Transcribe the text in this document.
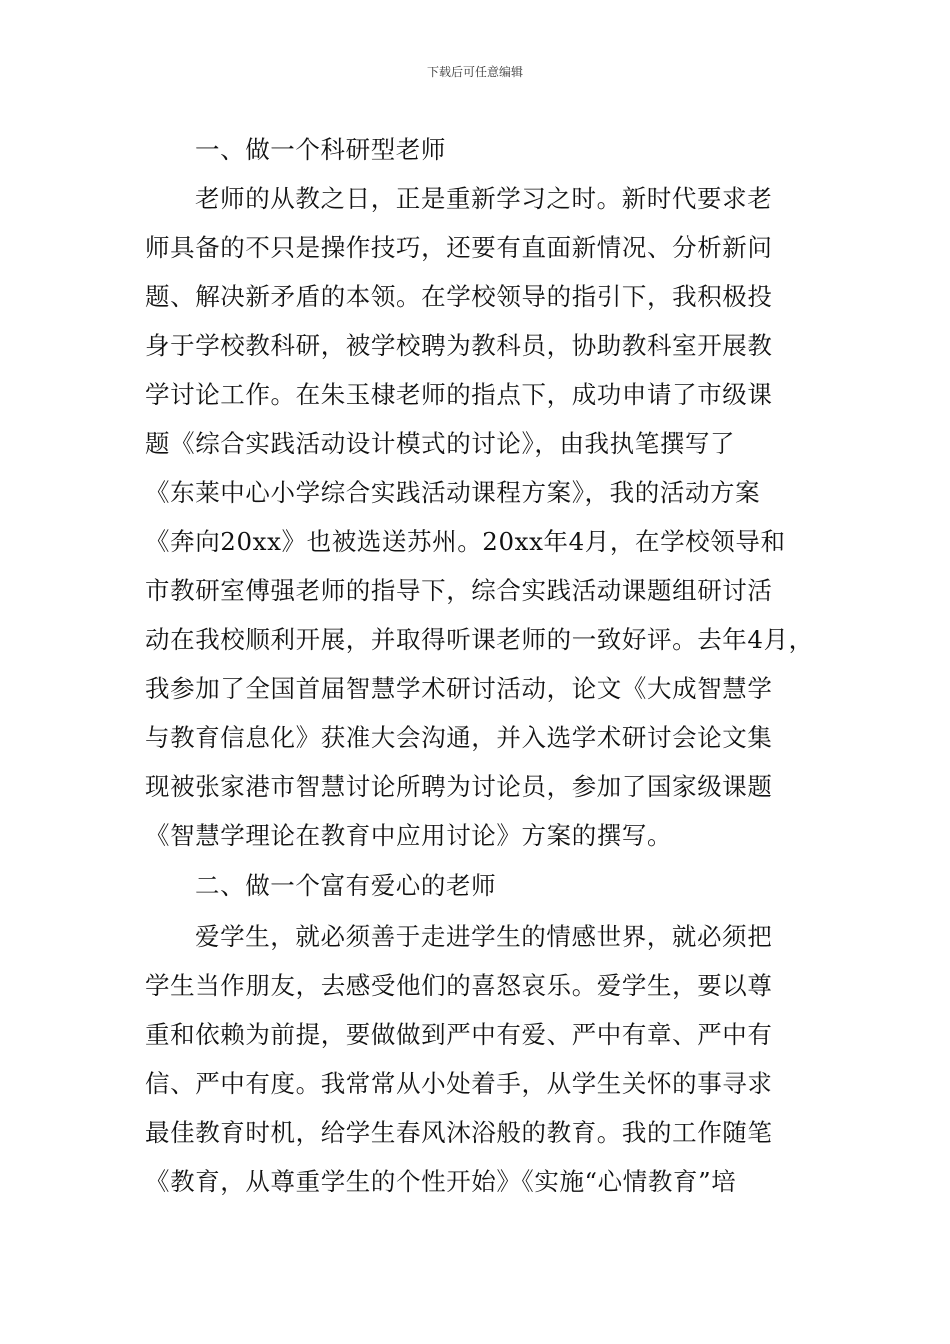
下载后可任意编辑
一、做一个科研型老师
老师的从教之日，正是重新学习之时。新时代要求老
师具备的不只是操作技巧，还要有直面新情况、分析新问
题、解决新矛盾的本领。在学校领导的指引下，我积极投
身于学校教科研，被学校聘为教科员，协助教科室开展教
学讨论工作。在朱玉棣老师的指点下，成功申请了市级课
题《综合实践活动设计模式的讨论》，由我执笔撰写了
《东莱中心小学综合实践活动课程方案》，我的活动方案
《奔向20xx》也被选送苏州。20xx年4月，在学校领导和
市教研室傅强老师的指导下，综合实践活动课题组研讨活
动在我校顺利开展，并取得听课老师的一致好评。去年4月，
我参加了全国首届智慧学术研讨活动，论文《大成智慧学
与教育信息化》获准大会沟通，并入选学术研讨会论文集
现被张家港市智慧讨论所聘为讨论员，参加了国家级课题
《智慧学理论在教育中应用讨论》方案的撰写。
二、做一个富有爱心的老师
爱学生，就必须善于走进学生的情感世界，就必须把
学生当作朋友，去感受他们的喜怒哀乐。爱学生，要以尊
重和依赖为前提，要做做到严中有爱、严中有章、严中有
信、严中有度。我常常从小处着手，从学生关怀的事寻求
最佳教育时机，给学生春风沐浴般的教育。我的工作随笔
《教育，从尊重学生的个性开始》《实施“心情教育”培
